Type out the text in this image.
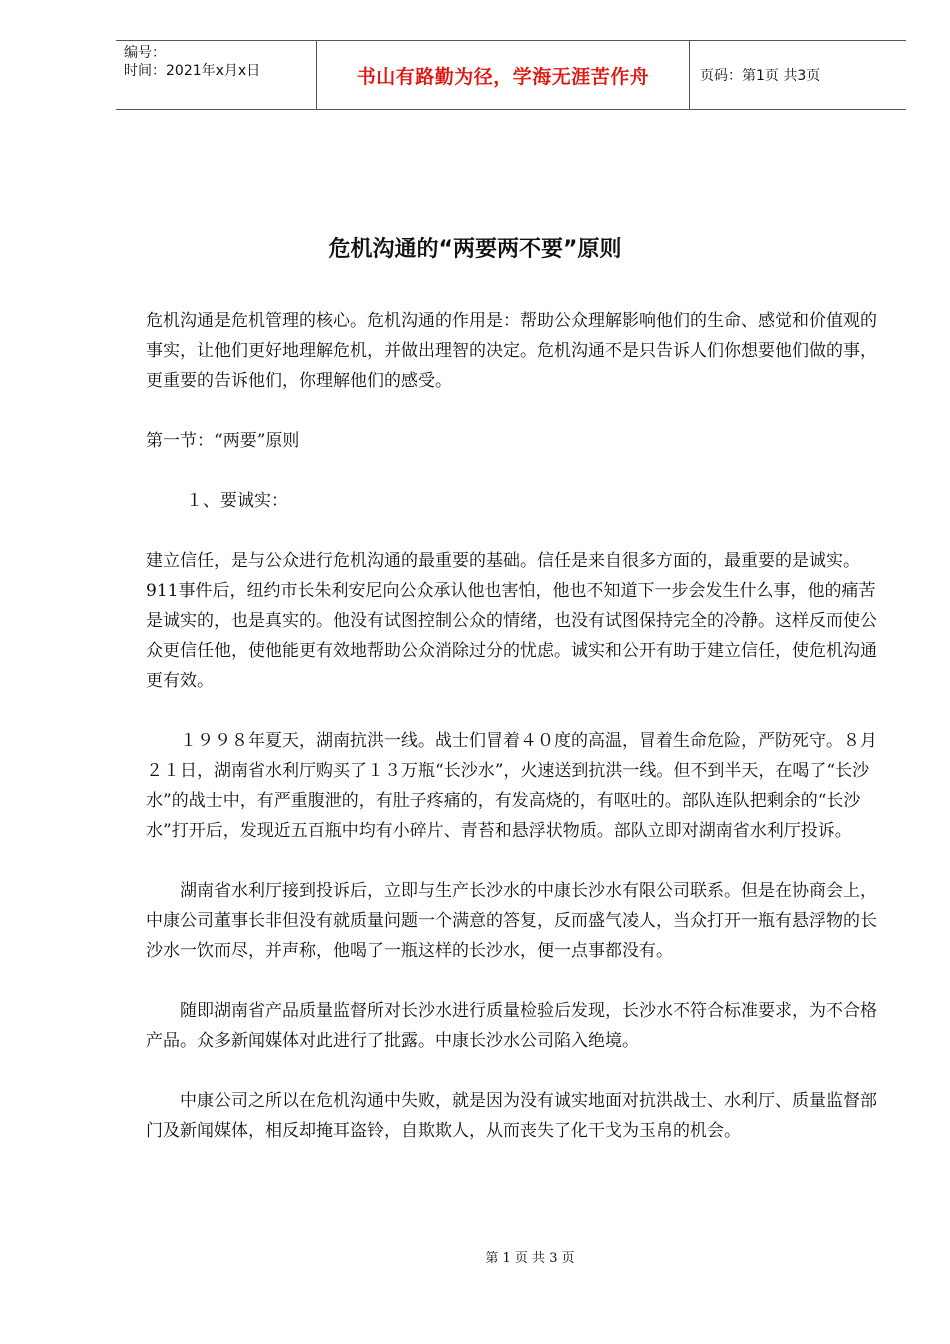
编号：
时间：2021年x月x日	书山有路勤为径，学海无涯苦作舟	页码：第1页 共3页
危机沟通的“两要两不要”原则

危机沟通是危机管理的核心。危机沟通的作用是：帮助公众理解影响他们的生命、感觉和价值观的事实，让他们更好地理解危机，并做出理智的决定。危机沟通不是只告诉人们你想要他们做的事，更重要的告诉他们，你理解他们的感受。

第一节：“两要”原则

１、要诚实：

建立信任，是与公众进行危机沟通的最重要的基础。信任是来自很多方面的，最重要的是诚实。911事件后，纽约市长朱利安尼向公众承认他也害怕，他也不知道下一步会发生什么事，他的痛苦是诚实的，也是真实的。他没有试图控制公众的情绪，也没有试图保持完全的冷静。这样反而使公众更信任他，使他能更有效地帮助公众消除过分的忧虑。诚实和公开有助于建立信任，使危机沟通更有效。

１９９８年夏天，湖南抗洪一线。战士们冒着４０度的高温，冒着生命危险，严防死守。８月２１日，湖南省水利厅购买了１３万瓶“长沙水”，火速送到抗洪一线。但不到半天，在喝了“长沙水”的战士中，有严重腹泄的，有肚子疼痛的，有发高烧的，有呕吐的。部队连队把剩余的“长沙水”打开后，发现近五百瓶中均有小碎片、青苔和悬浮状物质。部队立即对湖南省水利厅投诉。

湖南省水利厅接到投诉后，立即与生产长沙水的中康长沙水有限公司联系。但是在协商会上，中康公司董事长非但没有就质量问题一个满意的答复，反而盛气凌人，当众打开一瓶有悬浮物的长沙水一饮而尽，并声称，他喝了一瓶这样的长沙水，便一点事都没有。

随即湖南省产品质量监督所对长沙水进行质量检验后发现，长沙水不符合标准要求，为不合格产品。众多新闻媒体对此进行了批露。中康长沙水公司陷入绝境。

中康公司之所以在危机沟通中失败，就是因为没有诚实地面对抗洪战士、水利厅、质量监督部门及新闻媒体，相反却掩耳盗铃，自欺欺人，从而丧失了化干戈为玉帛的机会。

第 1 页 共 3 页
